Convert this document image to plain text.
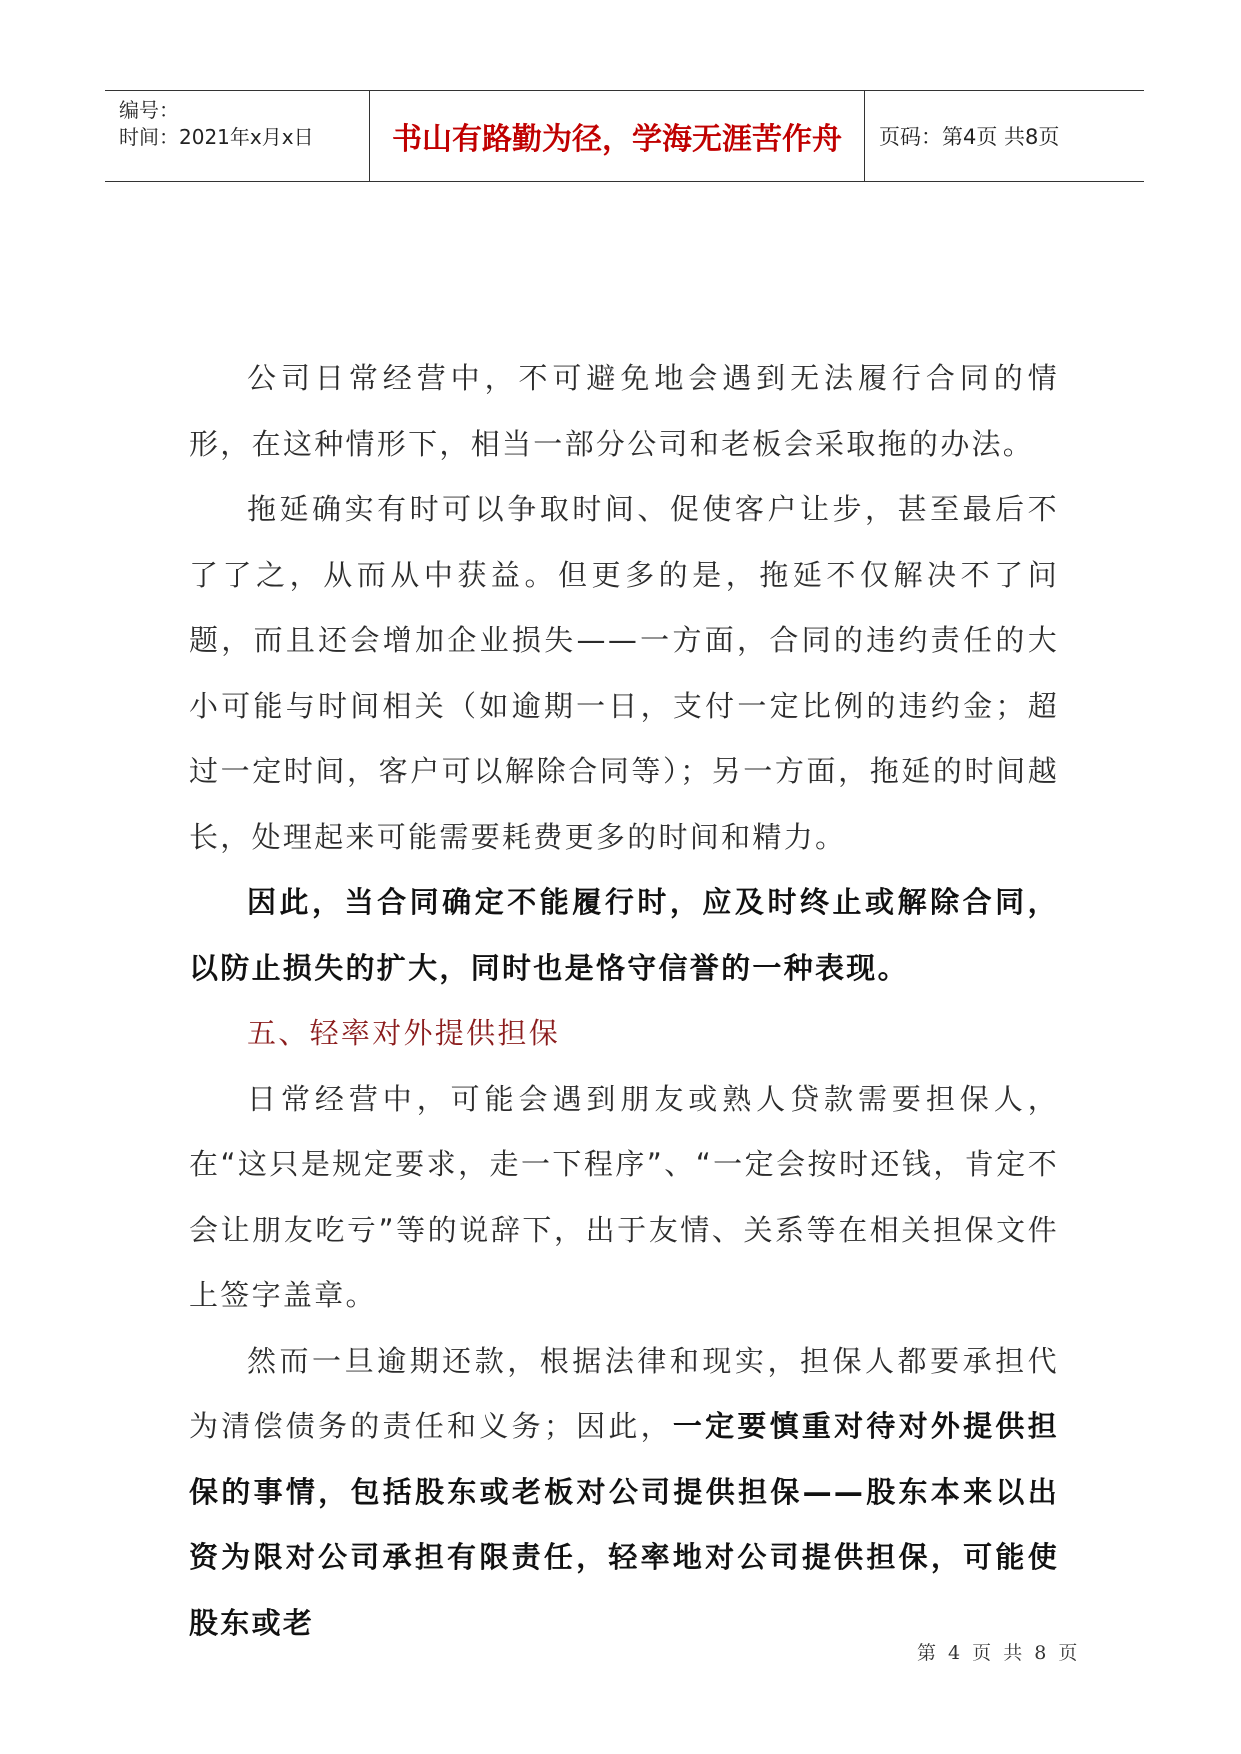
编号：
时间：2021年x月x日	书山有路勤为径，学海无涯苦作舟	页码：第4页 共8页

公司日常经营中，不可避免地会遇到无法履行合同的情形，在这种情形下，相当一部分公司和老板会采取拖的办法。

拖延确实有时可以争取时间、促使客户让步，甚至最后不了了之，从而从中获益。但更多的是，拖延不仅解决不了问题，而且还会增加企业损失——一方面，合同的违约责任的大小可能与时间相关（如逾期一日，支付一定比例的违约金；超过一定时间，客户可以解除合同等）；另一方面，拖延的时间越长，处理起来可能需要耗费更多的时间和精力。

因此，当合同确定不能履行时，应及时终止或解除合同，以防止损失的扩大，同时也是恪守信誉的一种表现。

五、轻率对外提供担保

日常经营中，可能会遇到朋友或熟人贷款需要担保人，在“这只是规定要求，走一下程序”、“一定会按时还钱，肯定不会让朋友吃亏”等的说辞下，出于友情、关系等在相关担保文件上签字盖章。

然而一旦逾期还款，根据法律和现实，担保人都要承担代为清偿债务的责任和义务；因此，一定要慎重对待对外提供担保的事情，包括股东或老板对公司提供担保——股东本来以出资为限对公司承担有限责任，轻率地对公司提供担保，可能使股东或老

第 4 页 共 8 页
